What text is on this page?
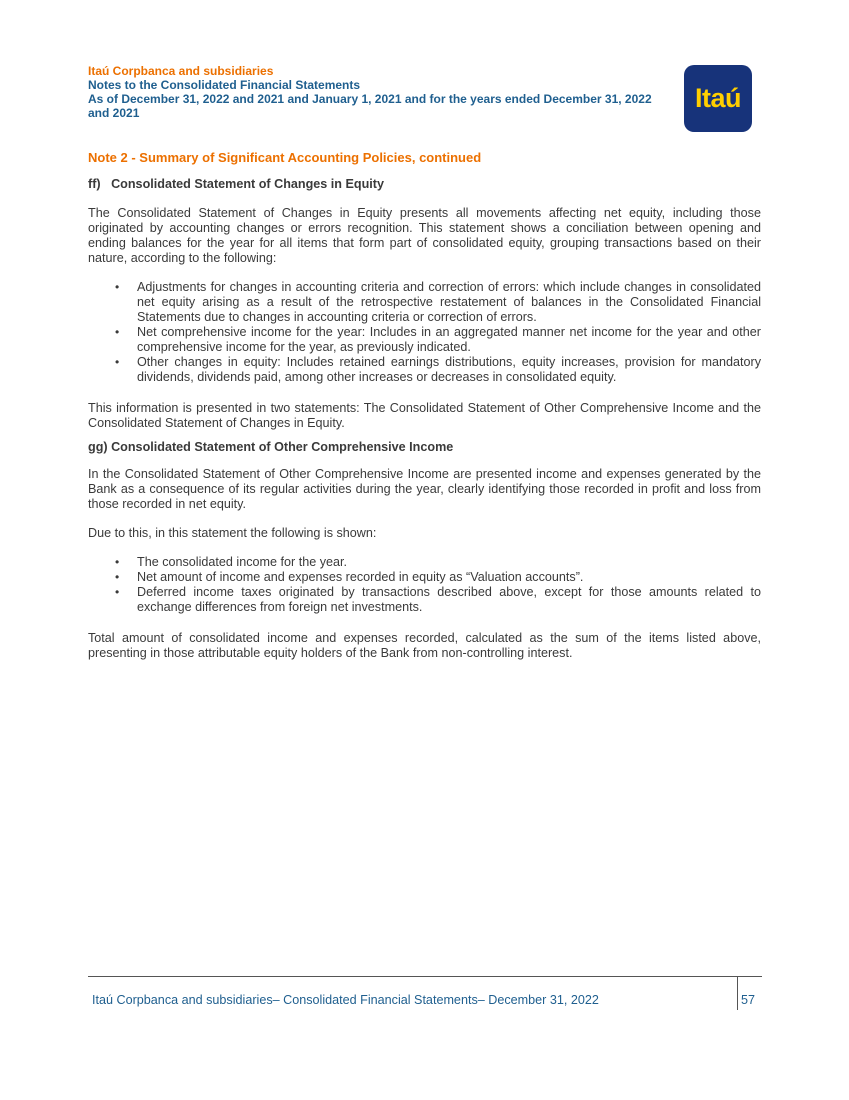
Itaú Corpbanca and subsidiaries
Notes to the Consolidated Financial Statements
As of December 31, 2022 and 2021 and January 1, 2021 and for the years ended December 31, 2022
and 2021	Itaú
Note 2 - Summary of Significant Accounting Policies, continued
ff)   Consolidated Statement of Changes in Equity

The Consolidated Statement of Changes in Equity presents all movements affecting net equity, including those originated by accounting changes or errors recognition. This statement shows a conciliation between opening and ending balances for the year for all items that form part of consolidated equity, grouping transactions based on their nature, according to the following:

• Adjustments for changes in accounting criteria and correction of errors: which include changes in consolidated net equity arising as a result of the retrospective restatement of balances in the Consolidated Financial Statements due to changes in accounting criteria or correction of errors.
• Net comprehensive income for the year: Includes in an aggregated manner net income for the year and other comprehensive income for the year, as previously indicated.
• Other changes in equity: Includes retained earnings distributions, equity increases, provision for mandatory dividends, dividends paid, among other increases or decreases in consolidated equity.

This information is presented in two statements: The Consolidated Statement of Other Comprehensive Income and the Consolidated Statement of Changes in Equity.

gg) Consolidated Statement of Other Comprehensive Income

In the Consolidated Statement of Other Comprehensive Income are presented income and expenses generated by the Bank as a consequence of its regular activities during the year, clearly identifying those recorded in profit and loss from those recorded in net equity.

Due to this, in this statement the following is shown:

• The consolidated income for the year.
• Net amount of income and expenses recorded in equity as “Valuation accounts”.
• Deferred income taxes originated by transactions described above, except for those amounts related to exchange differences from foreign net investments.

Total amount of consolidated income and expenses recorded, calculated as the sum of the items listed above, presenting in those attributable equity holders of the Bank from non-controlling interest.

Itaú Corpbanca and subsidiaries– Consolidated Financial Statements– December 31, 2022	57
